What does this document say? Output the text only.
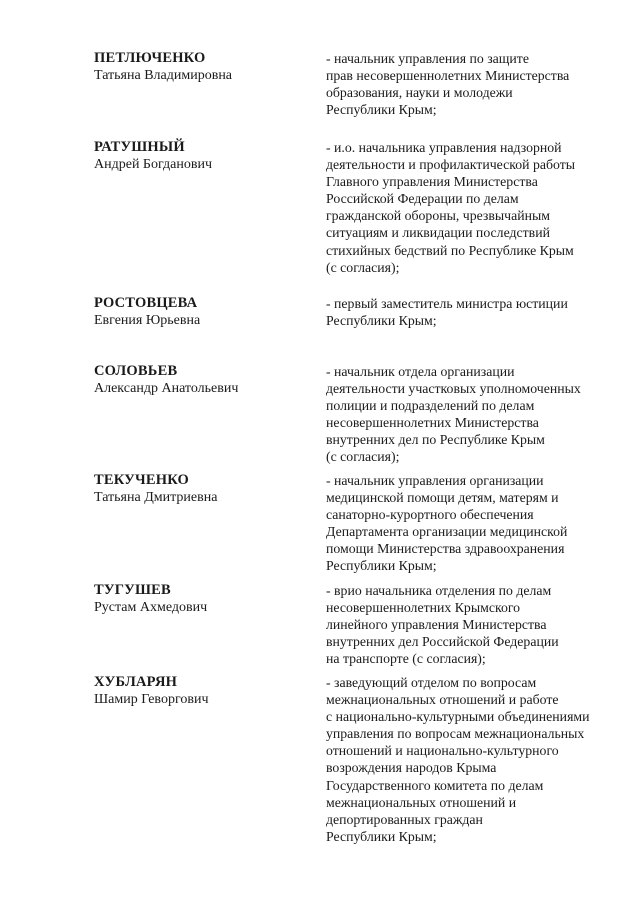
ПЕТЛЮЧЕНКО
Татьяна Владимировна
- начальник управления по защите
прав несовершеннолетних Министерства
образования, науки и молодежи
Республики Крым;
РАТУШНЫЙ
Андрей Богданович
- и.о. начальника управления надзорной
деятельности и профилактической работы
Главного управления Министерства
Российской Федерации по делам
гражданской обороны, чрезвычайным
ситуациям и ликвидации последствий
стихийных бедствий по Республике Крым
(с согласия);
РОСТОВЦЕВА
Евгения Юрьевна
- первый заместитель министра юстиции
Республики Крым;
СОЛОВЬЕВ
Александр Анатольевич
- начальник отдела организации
деятельности участковых уполномоченных
полиции и подразделений по делам
несовершеннолетних Министерства
внутренних дел по Республике Крым
(с согласия);
ТЕКУЧЕНКО
Татьяна Дмитриевна
- начальник управления организации
медицинской помощи детям, матерям и
санаторно-курортного обеспечения
Департамента организации медицинской
помощи Министерства здравоохранения
Республики Крым;
ТУГУШЕВ
Рустам Ахмедович
- врио начальника отделения по делам
несовершеннолетних Крымского
линейного управления Министерства
внутренних дел Российской Федерации
на транспорте (с согласия);
ХУБЛАРЯН
Шамир Геворгович
- заведующий отделом по вопросам
межнациональных отношений и работе
с национально-культурными объединениями
управления по вопросам межнациональных
отношений и национально-культурного
возрождения народов Крыма
Государственного комитета по делам
межнациональных отношений и
депортированных граждан
Республики Крым;
